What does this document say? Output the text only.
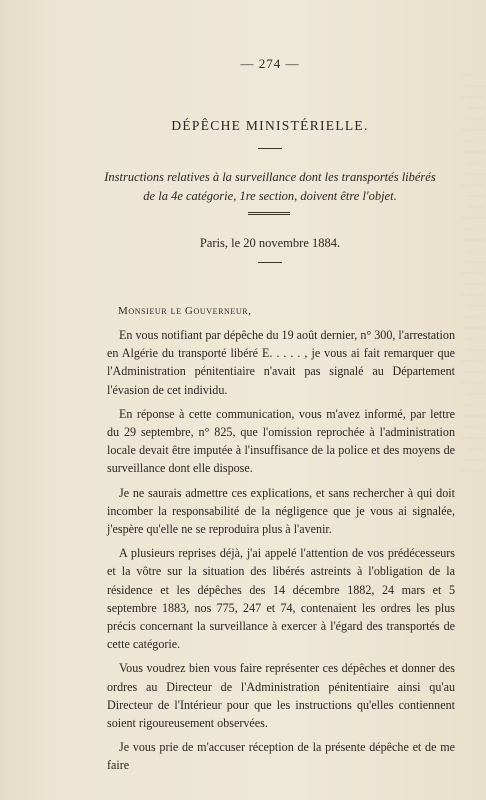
········
·······
········
······
·······
········
·······
········
······
·······
········
·······
······
········
·······
········
······
·······
········
·······
········
······
·······
········
·······
······
········
·······
········
······
·······
········
·······
········
······
·······
········
— 274 —
DÉPÊCHE MINISTÉRIELLE.
Instructions relatives à la surveillance dont les transportés libérés
de la 4e catégorie, 1re section, doivent être l'objet.
Paris, le 20 novembre 1884.
Monsieur le Gouverneur,

En vous notifiant par dépêche du 19 août dernier, n° 300, l'arrestation en Algérie du transporté libéré E. . . . . , je vous ai fait remarquer que l'Administration pénitentiaire n'avait pas signalé au Département l'évasion de cet individu.

En réponse à cette communication, vous m'avez informé, par lettre du 29 septembre, n° 825, que l'omission reprochée à l'administration locale devait être imputée à l'insuffisance de la police et des moyens de surveillance dont elle dispose.

Je ne saurais admettre ces explications, et sans rechercher à qui doit incomber la responsabilité de la négligence que je vous ai signalée, j'espère qu'elle ne se reproduira plus à l'avenir.

A plusieurs reprises déjà, j'ai appelé l'attention de vos prédécesseurs et la vôtre sur la situation des libérés astreints à l'obligation de la résidence et les dépêches des 14 décembre 1882, 24 mars et 5 septembre 1883, nos 775, 247 et 74, contenaient les ordres les plus précis concernant la surveillance à exercer à l'égard des transportés de cette catégorie.

Vous voudrez bien vous faire représenter ces dépêches et donner des ordres au Directeur de l'Administration pénitentiaire ainsi qu'au Directeur de l'Intérieur pour que les instructions qu'elles contiennent soient rigoureusement observées.

Je vous prie de m'accuser réception de la présente dépêche et de me faire
